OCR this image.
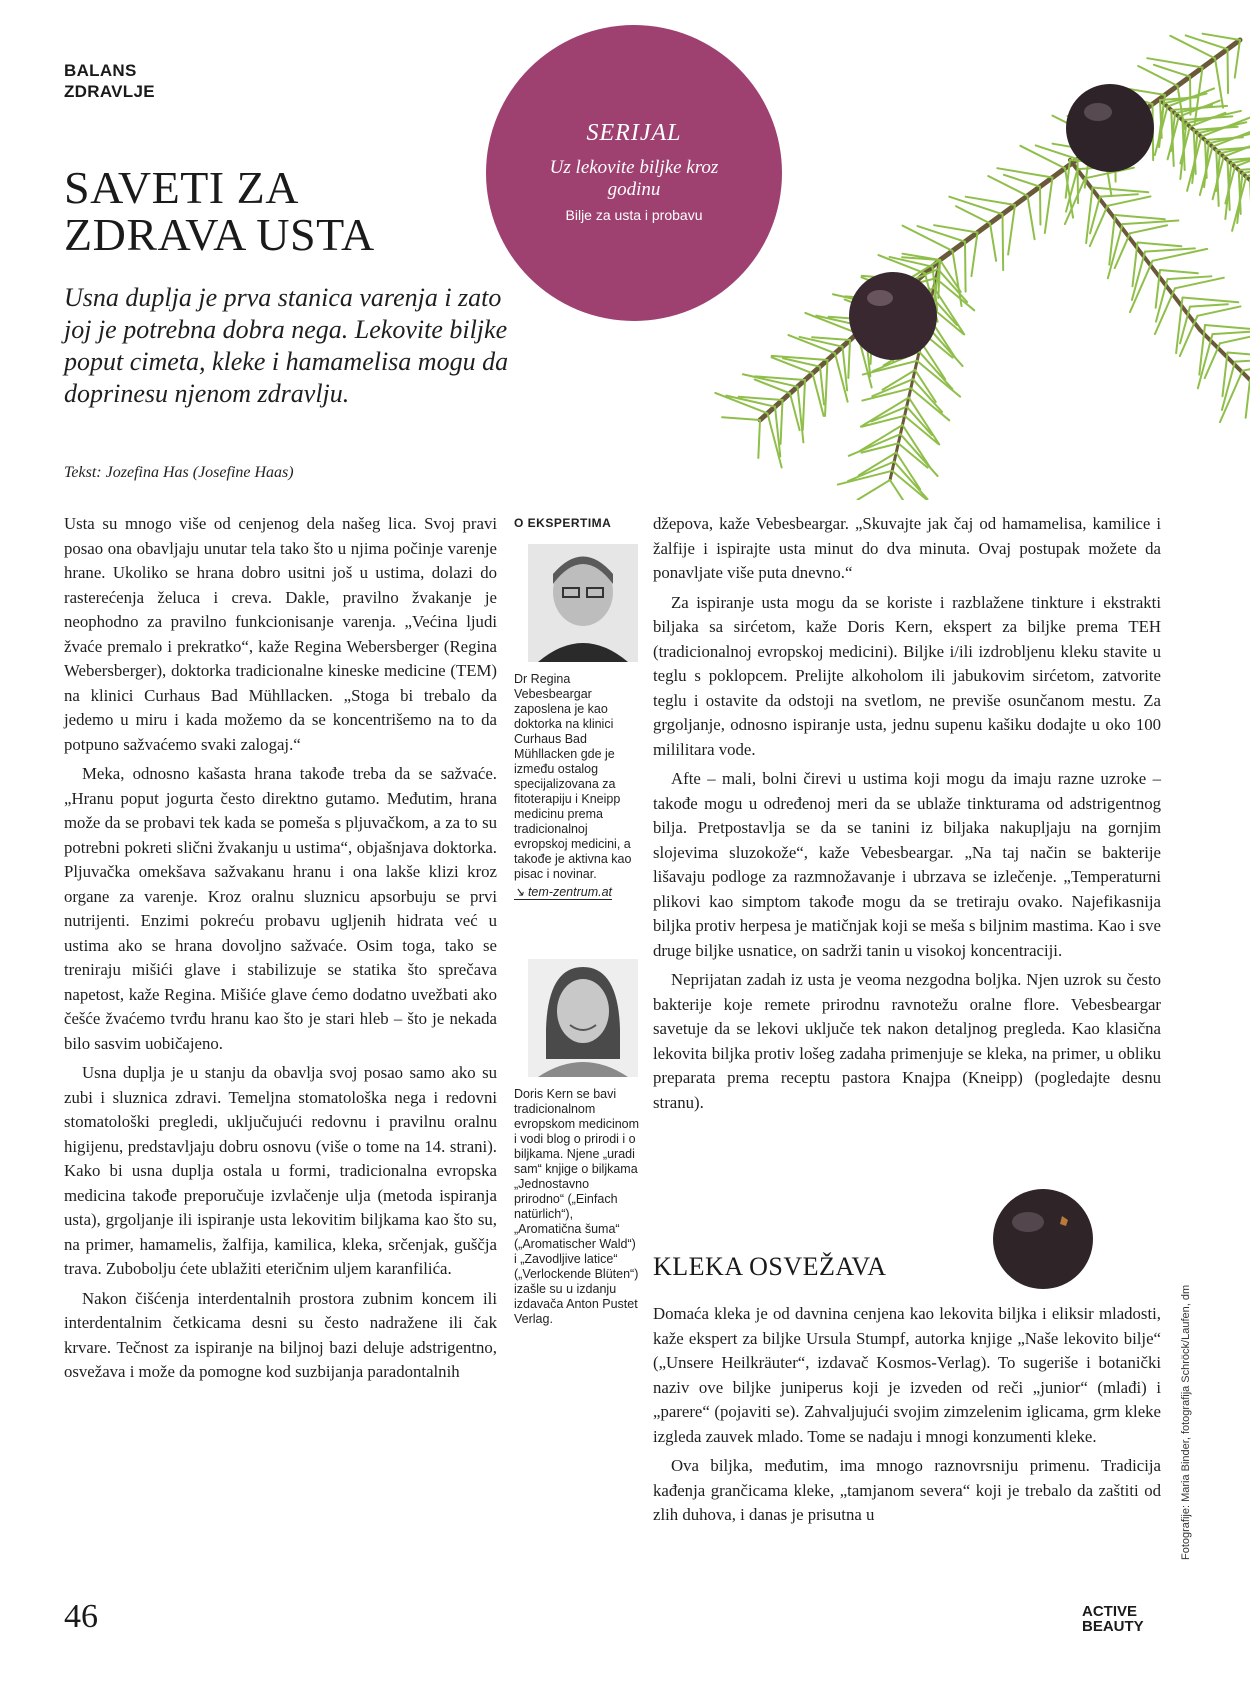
BALANS
ZDRAVLJE
SERIJAL
Uz lekovite biljke kroz godinu
Bilje za usta i probavu
SAVETI ZA
ZDRAVA USTA
Usna duplja je prva stanica varenja i zato joj je potrebna dobra nega. Lekovite biljke poput cimeta, kleke i hamamelisa mogu da doprinesu njenom zdravlju.
Tekst: Jozefina Has (Josefine Haas)

Usta su mnogo više od cenjenog dela našeg lica. Svoj pravi posao ona obavljaju unutar tela tako što u njima počinje varenje hrane. Ukoliko se hrana dobro usitni još u ustima, dolazi do rasterećenja želuca i creva. Dakle, pravilno žvakanje je neophodno za pravilno funkcionisanje varenja. „Većina ljudi žvaće premalo i prekratko“, kaže Regina Webersberger (Regina Webersberger), doktorka tradicionalne kineske medicine (TEM) na klinici Curhaus Bad Mühllacken. „Stoga bi trebalo da jedemo u miru i kada možemo da se koncentrišemo na to da potpuno sažvaćemo svaki zalogaj.“

Meka, odnosno kašasta hrana takođe treba da se sažvaće. „Hranu poput jogurta često direktno gutamo. Međutim, hrana može da se probavi tek kada se pomeša s pljuvačkom, a za to su potrebni pokreti slični žvakanju u ustima“, objašnjava doktorka. Pljuvačka omekšava sažvakanu hranu i ona lakše klizi kroz organe za varenje. Kroz oralnu sluznicu apsorbuju se prvi nutrijenti. Enzimi pokreću probavu ugljenih hidrata već u ustima ako se hrana dovoljno sažvaće. Osim toga, tako se treniraju mišići glave i stabilizuje se statika što sprečava napetost, kaže Regina. Mišiće glave ćemo dodatno uvežbati ako češće žvaćemo tvrđu hranu kao što je stari hleb – što je nekada bilo sasvim uobičajeno.

Usna duplja je u stanju da obavlja svoj posao samo ako su zubi i sluznica zdravi. Temeljna stomatološka nega i redovni stomatološki pregledi, uključujući redovnu i pravilnu oralnu higijenu, predstavljaju dobru osnovu (više o tome na 14. strani). Kako bi usna duplja ostala u formi, tradicionalna evropska medicina takođe preporučuje izvlačenje ulja (metoda ispiranja usta), grgoljanje ili ispiranje usta lekovitim biljkama kao što su, na primer, hamamelis, žalfija, kamilica, kleka, srčenjak, guščja trava. Zubobolju ćete ublažiti eteričnim uljem karanfilića.

Nakon čišćenja interdentalnih prostora zubnim koncem ili interdentalnim četkicama desni su često nadražene ili čak krvare. Tečnost za ispiranje na biljnoj bazi deluje adstrigentno, osvežava i može da pomogne kod suzbijanja paradontalnih

O EKSPERTIMA
Dr Regina Vebesbeargar zaposlena je kao doktorka na klinici Curhaus Bad Mühllacken gde je između ostalog specijalizovana za fitoterapiju i Kneipp medicinu prema tradicionalnoj evropskoj medicini, a takođe je aktivna kao pisac i novinar.
↘ tem-zentrum.at
Doris Kern se bavi tradicionalnom evropskom medicinom i vodi blog o prirodi i o biljkama. Njene „uradi sam“ knjige o biljkama „Jednostavno prirodno“ („Einfach natürlich“), „Aromatična šuma“ („Aromatischer Wald“) i „Zavodljive latice“ („Verlockende Blüten“) izašle su u izdanju izdavača Anton Pustet Verlag.

džepova, kaže Vebesbeargar. „Skuvajte jak čaj od hamamelisa, kamilice i žalfije i ispirajte usta minut do dva minuta. Ovaj postupak možete da ponavljate više puta dnevno.“

Za ispiranje usta mogu da se koriste i razblažene tinkture i ekstrakti biljaka sa sirćetom, kaže Doris Kern, ekspert za biljke prema TEH (tradicionalnoj evropskoj medicini). Biljke i/ili izdrobljenu kleku stavite u teglu s poklopcem. Prelijte alkoholom ili jabukovim sirćetom, zatvorite teglu i ostavite da odstoji na svetlom, ne previše osunčanom mestu. Za grgoljanje, odnosno ispiranje usta, jednu supenu kašiku dodajte u oko 100 mililitara vode.

Afte – mali, bolni čirevi u ustima koji mogu da imaju razne uzroke – takođe mogu u određenoj meri da se ublaže tinkturama od adstrigentnog bilja. Pretpostavlja se da se tanini iz biljaka nakupljaju na gornjim slojevima sluzokože“, kaže Vebesbeargar. „Na taj način se bakterije lišavaju podloge za razmnožavanje i ubrzava se izlečenje. „Temperaturni plikovi kao simptom takođe mogu da se tretiraju ovako. Najefikasnija biljka protiv herpesa je matičnjak koji se meša s biljnim mastima. Kao i sve druge biljke usnatice, on sadrži tanin u visokoj koncentraciji.

Neprijatan zadah iz usta je veoma nezgodna boljka. Njen uzrok su često bakterije koje remete prirodnu ravnotežu oralne flore. Vebesbeargar savetuje da se lekovi uključe tek nakon detaljnog pregleda. Kao klasična lekovita biljka protiv lošeg zadaha primenjuje se kleka, na primer, u obliku preparata prema receptu pastora Knajpa (Kneipp) (pogledajte desnu stranu).

KLEKA OSVEŽAVA

Domaća kleka je od davnina cenjena kao lekovita biljka i eliksir mladosti, kaže ekspert za biljke Ursula Stumpf, autorka knjige „Naše lekovito bilje“ („Unsere Heilkräuter“, izdavač Kosmos-Verlag). To sugeriše i botanički naziv ove biljke juniperus koji je izveden od reči „junior“ (mlađi) i „parere“ (pojaviti se). Zahvaljujući svojim zimzelenim iglicama, grm kleke izgleda zauvek mlado. Tome se nadaju i mnogi konzumenti kleke.

Ova biljka, međutim, ima mnogo raznovrsniju primenu. Tradicija kađenja grančicama kleke, „tamjanom severa“ koji je trebalo da zaštiti od zlih duhova, i danas je prisutna u	Fotografije: Maria Binder, fotografija Schröck/Laufen, dm
46	ACTIVE
BEAUTY
